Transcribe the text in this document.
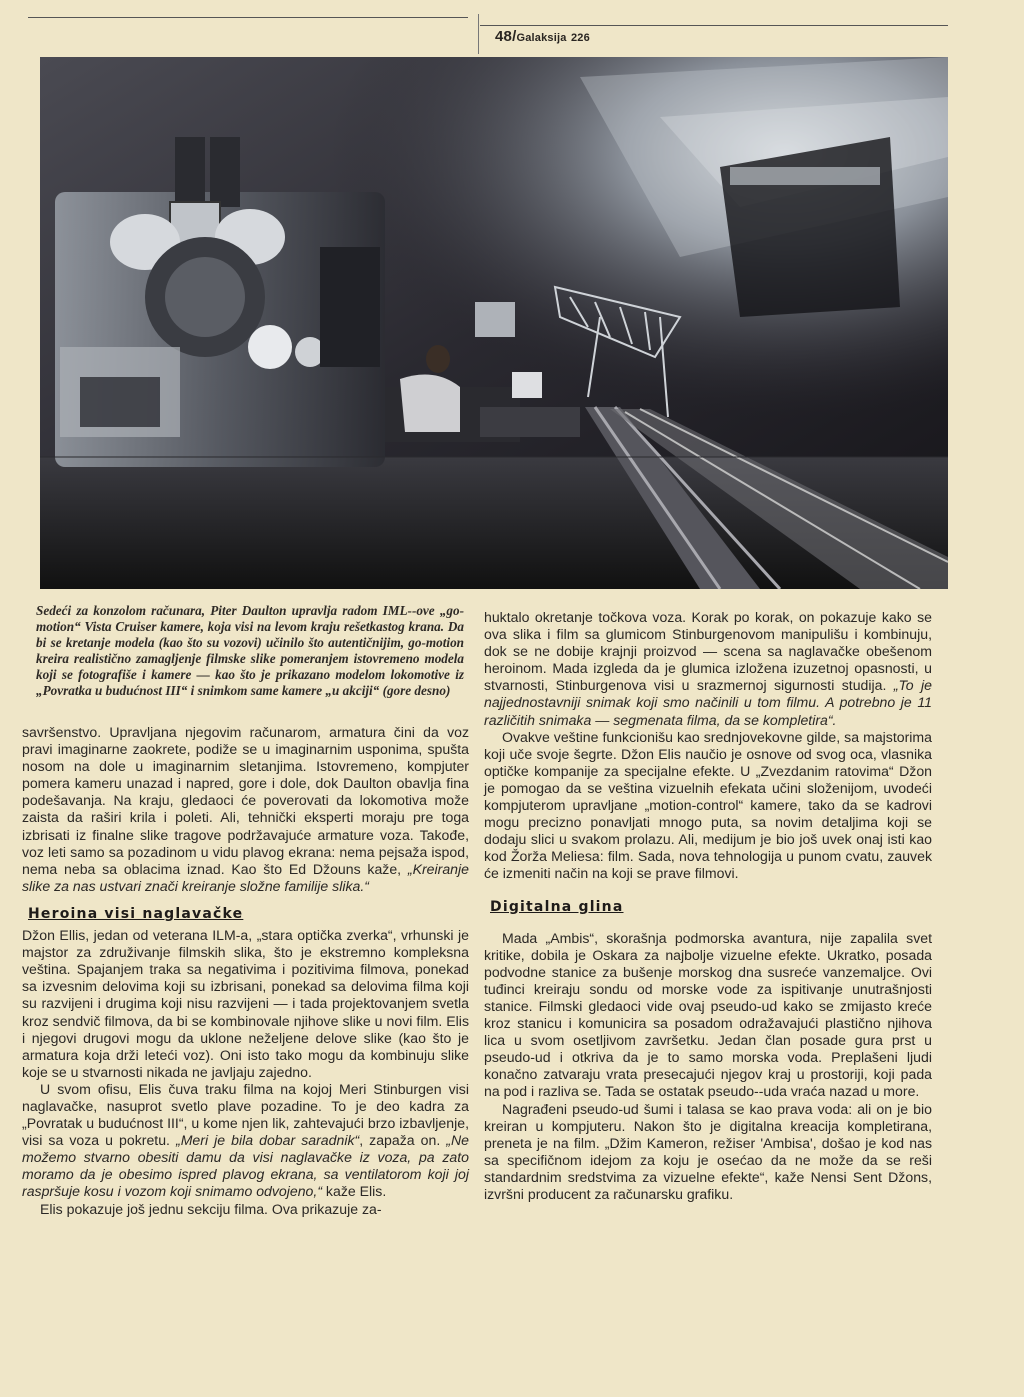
48/Galaksija 226
Sedeći za konzolom računara, Piter Daulton upravlja radom IML--ove „go-motion“ Vista Cruiser kamere, koja visi na levom kraju rešetkastog krana. Da bi se kretanje modela (kao što su vozovi) učinilo što autentičnijim, go-motion kreira realistično zamagljenje filmske slike pomeranjem istovremeno modela koji se fotografiše i kamere — kao što je prikazano modelom lokomotive iz „Povratka u budućnost III“ i snimkom same kamere „u akciji“ (gore desno)

savršenstvo. Upravljana njegovim računarom, armatura čini da voz pravi imaginarne zaokrete, podiže se u imaginarnim usponima, spušta nosom na dole u imaginarnim sletanjima. Istovremeno, kompjuter pomera kameru unazad i napred, gore i dole, dok Daulton obavlja fina podešavanja. Na kraju, gledaoci će poverovati da lokomotiva može zaista da raširi krila i poleti. Ali, tehnički eksperti moraju pre toga izbrisati iz finalne slike tragove podržavajuće armature voza. Takođe, voz leti samo sa pozadinom u vidu plavog ekrana: nema pejsaža ispod, nema neba sa oblacima iznad. Kao što Ed Džouns kaže, „Kreiranje slike za nas ustvari znači kreiranje složne familije slika.“

Heroina visi naglavačke

Džon Ellis, jedan od veterana ILM-a, „stara optička zverka“, vrhunski je majstor za združivanje filmskih slika, što je ekstremno kompleksna veština. Spajanjem traka sa negativima i pozitivima filmova, ponekad sa izvesnim delovima koji su izbrisani, ponekad sa delovima filma koji su razvijeni i drugima koji nisu razvijeni — i tada projektovanjem svetla kroz sendvič filmova, da bi se kombinovale njihove slike u novi film. Elis i njegovi drugovi mogu da uklone neželjene delove slike (kao što je armatura koja drži leteći voz). Oni isto tako mogu da kombinuju slike koje se u stvarnosti nikada ne javljaju zajedno.

U svom ofisu, Elis čuva traku filma na kojoj Meri Stinburgen visi naglavačke, nasuprot svetlo plave pozadine. To je deo kadra za „Povratak u budućnost III“, u kome njen lik, zahtevajući brzo izbavljenje, visi sa voza u pokretu. „Meri je bila dobar saradnik“, zapaža on. „Ne možemo stvarno obesiti damu da visi naglavačke iz voza, pa zato moramo da je obesimo ispred plavog ekrana, sa ventilatorom koji joj raspršuje kosu i vozom koji snimamo odvojeno,“ kaže Elis.

Elis pokazuje još jednu sekciju filma. Ova prikazuje za-

huktalo okretanje točkova voza. Korak po korak, on pokazuje kako se ova slika i film sa glumicom Stinburgenovom manipulišu i kombinuju, dok se ne dobije krajnji proizvod — scena sa naglavačke obešenom heroinom. Mada izgleda da je glumica izložena izuzetnoj opasnosti, u stvarnosti, Stinburgenova visi u srazmernoj sigurnosti studija. „To je najjednostavniji snimak koji smo načinili u tom filmu. A potrebno je 11 različitih snimaka — segmenata filma, da se kompletira“.

Ovakve veštine funkcionišu kao srednjovekovne gilde, sa majstorima koji uče svoje šegrte. Džon Elis naučio je osnove od svog oca, vlasnika optičke kompanije za specijalne efekte. U „Zvezdanim ratovima“ Džon je pomogao da se veština vizuelnih efekata učini složenijom, uvodeći kompjuterom upravljane „motion-control“ kamere, tako da se kadrovi mogu precizno ponavljati mnogo puta, sa novim detaljima koji se dodaju slici u svakom prolazu. Ali, medijum je bio još uvek onaj isti kao kod Žorža Meliesa: film. Sada, nova tehnologija u punom cvatu, zauvek će izmeniti način na koji se prave filmovi.

Digitalna glina

Mada „Ambis“, skorašnja podmorska avantura, nije zapalila svet kritike, dobila je Oskara za najbolje vizuelne efekte. Ukratko, posada podvodne stanice za bušenje morskog dna susreće vanzemaljce. Ovi tuđinci kreiraju sondu od morske vode za ispitivanje unutrašnjosti stanice. Filmski gledaoci vide ovaj pseudo-ud kako se zmijasto kreće kroz stanicu i komunicira sa posadom odražavajući plastično njihova lica u svom osetljivom završetku. Jedan član posade gura prst u pseudo-ud i otkriva da je to samo morska voda. Preplašeni ljudi konačno zatvaraju vrata presecajući njegov kraj u prostoriji, koji pada na pod i razliva se. Tada se ostatak pseudo--uda vraća nazad u more.

Nagrađeni pseudo-ud šumi i talasa se kao prava voda: ali on je bio kreiran u kompjuteru. Nakon što je digitalna kreacija kompletirana, preneta je na film. „Džim Kameron, režiser 'Ambisa', došao je kod nas sa specifičnom idejom za koju je osećao da ne može da se reši standardnim sredstvima za vizuelne efekte“, kaže Nensi Sent Džons, izvršni producent za računarsku grafiku.
